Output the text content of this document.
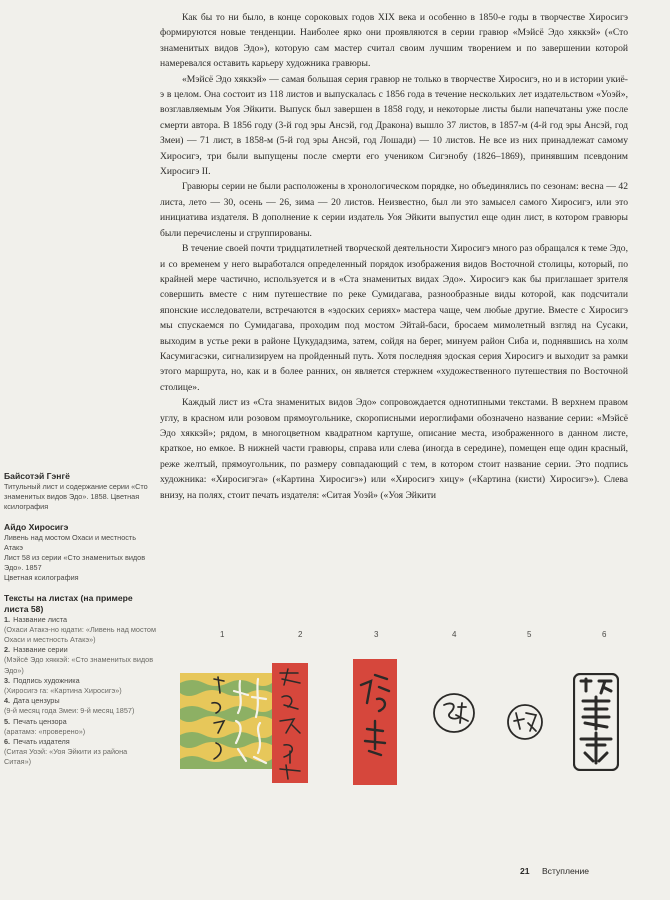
Как бы то ни было, в конце сороковых годов XIX века и особенно в 1850-е годы в творчестве Хиросигэ формируются новые тенденции. Наиболее ярко они проявляются в серии гравюр «Мэйсё Эдо хяккэй» («Сто знаменитых видов Эдо»), которую сам мастер считал своим лучшим творением и по завершении которой намеревался оставить карьеру художника гравюры.

«Мэйсё Эдо хяккэй» — самая большая серия гравюр не только в творчестве Хиросигэ, но и в истории укиё-э в целом. Она состоит из 118 листов и выпускалась с 1856 года в течение нескольких лет издательством «Уоэй», возглавляемым Уоя Эйкити. Выпуск был завершен в 1858 году, и некоторые листы были напечатаны уже после смерти автора. В 1856 году (3-й год эры Ансэй, год Дракона) вышло 37 листов, в 1857-м (4-й год эры Ансэй, год Змеи) — 71 лист, в 1858-м (5-й год эры Ансэй, год Лошади) — 10 листов. Не все из них принадлежат самому Хиросигэ, три были выпущены после смерти его учеником Сигэнобу (1826–1869), принявшим псевдоним Хиросигэ II.

Гравюры серии не были расположены в хронологическом порядке, но объединялись по сезонам: весна — 42 листа, лето — 30, осень — 26, зима — 20 листов. Неизвестно, был ли это замысел самого Хиросигэ, или это инициатива издателя. В дополнение к серии издатель Уоя Эйкити выпустил еще один лист, в котором гравюры были перечислены и сгруппированы.

В течение своей почти тридцатилетней творческой деятельности Хиросигэ много раз обращался к теме Эдо, и со временем у него выработался определенный порядок изображения видов Восточной столицы, который, по крайней мере частично, используется и в «Ста знаменитых видах Эдо». Хиросигэ как бы приглашает зрителя совершить вместе с ним путешествие по реке Сумидагава, разнообразные виды которой, как подсчитали японские исследователи, встречаются в «эдоских сериях» мастера чаще, чем любые другие. Вместе с Хиросигэ мы спускаемся по Сумидагава, проходим под мостом Эйтай-баси, бросаем мимолетный взгляд на Сусаки, выходим в устье реки в районе Цукудадзима, затем, сойдя на берег, минуем район Сиба и, поднявшись на холм Касумигасэки, сигнализируем на пройденный путь. Хотя последняя эдоская серия Хиросигэ и выходит за рамки этого маршрута, но, как и в более ранних, он является стержнем «художественного путешествия по Восточной столице».

Каждый лист из «Ста знаменитых видов Эдо» сопровождается однотипными текстами. В верхнем правом углу, в красном или розовом прямоугольнике, скорописными иероглифами обозначено название серии: «Мэйсё Эдо хяккэй»; рядом, в многоцветном квадратном картуше, описание места, изображенного в данном листе, краткое, но емкое. В нижней части гравюры, справа или слева (иногда в середине), помещен еще один красный, реже желтый, прямоугольник, по размеру совпадающий с тем, в котором стоит название серии. Это подпись художника: «Хиросигэга» («Картина Хиросигэ») или «Хиросигэ хицу» («Картина (кисти) Хиросигэ»). Слева внизу, на полях, стоит печать издателя: «Ситая Уоэй» («Уоя Эйкити

Байсотэй Гэнгё
Титульный лист и содержание серии «Сто знаменитых видов Эдо». 1858. Цветная ксилография
Айдо Хиросигэ
Ливень над мостом Охаси и местность Атакэ
Лист 58 из серии «Сто знаменитых видов Эдо». 1857
Цветная ксилография
Тексты на листах (на примере листа 58)
1. Название листа
(Охаси Атакэ-но юдати: «Ливень над мостом Охаси и местность Атакэ»)
2. Название серии
(Мэйсё Эдо хяккэй: «Сто знаменитых видов Эдо»)
3. Подпись художника
(Хиросигэ га: «Картина Хиросигэ»)
4. Дата цензуры
(9-й месяц года Змеи: 9-й месяц 1857)
5. Печать цензора
(аратамэ: «проверено»)
6. Печать издателя
(Ситая Уоэй: «Уоя Эйкити из района Ситая»)
1	2	3	4	5	6
21 Вступление
